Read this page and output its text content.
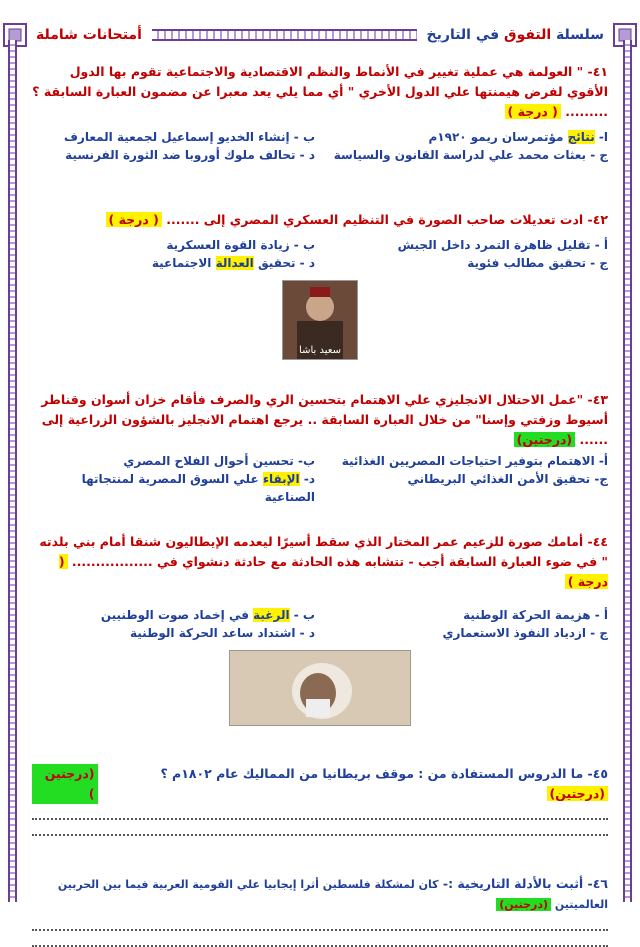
سلسلة التفوق في التاريخ
أمتحانات شاملة

٤١- " العولمة هي عملية تغيير في الأنماط والنظم الاقتصادية والاجتماعية تقوم بها الدول الأقوي لفرض هيمنتها علي الدول الأخري " أي مما يلي يعد معبرا عن مضمون العبارة السابقة ؟ ......... ( درجة )

ا- نتائج مؤتمرسان ريمو ١٩٢٠م
ب - إنشاء الخديو إسماعيل لجمعية المعارف
ج - بعثات محمد علي لدراسة القانون والسياسة
د - تحالف ملوك أوروبا ضد الثورة الفرنسية

٤٢- ادت تعديلات صاحب الصورة في التنظيم العسكري المصري إلى ....... ( درجة )

أ - تقليل ظاهرة التمرد داخل الجيش
ب - زيادة القوة العسكرية
ج - تحقيق مطالب فئوية
د - تحقيق العدالة الاجتماعية
سعيد باشا

٤٣- "عمل الاحتلال الانجليزي علي الاهتمام بتحسين الري والصرف فأقام خزان أسوان وقناطر أسيوط وزفتي وإسنا" من خلال العبارة السابقة .. يرجع اهتمام الانجليز بالشؤون الزراعية إلى ...... (درجتين)

أ- الاهتمام بتوفير احتياجات المصريين الغذائية
ب- تحسين أحوال الفلاح المصري
ج- تحقيق الأمن الغذائي البريطاني
د- الإبقاء علي السوق المصرية لمنتجاتها الصناعية

٤٤- أمامك صورة للزعيم عمر المختار الذي سقط أسيرًا ليعدمه الإيطاليون شنقا أمام بني بلدته " في ضوء العبارة السابقة أجب - تتشابه هذه الحادثة مع حادثة دنشواي في ................. ( درجة )

أ - هزيمة الحركة الوطنية
ب - الرغبة في إخماد صوت الوطنيين
ج - ازدياد النفوذ الاستعماري
د - اشتداد ساعد الحركة الوطنية

٤٥- ما الدروس المستفادة من : موقف بريطانيا من المماليك عام ١٨٠٢م ؟ (درجتين)

(درجتين )

٤٦- أثبت بالأدلة التاريخية :- كان لمشكلة فلسطين أثرا إيجابيا علي القومية العربية فيما بين الحربين العالميتين (درجتين)
